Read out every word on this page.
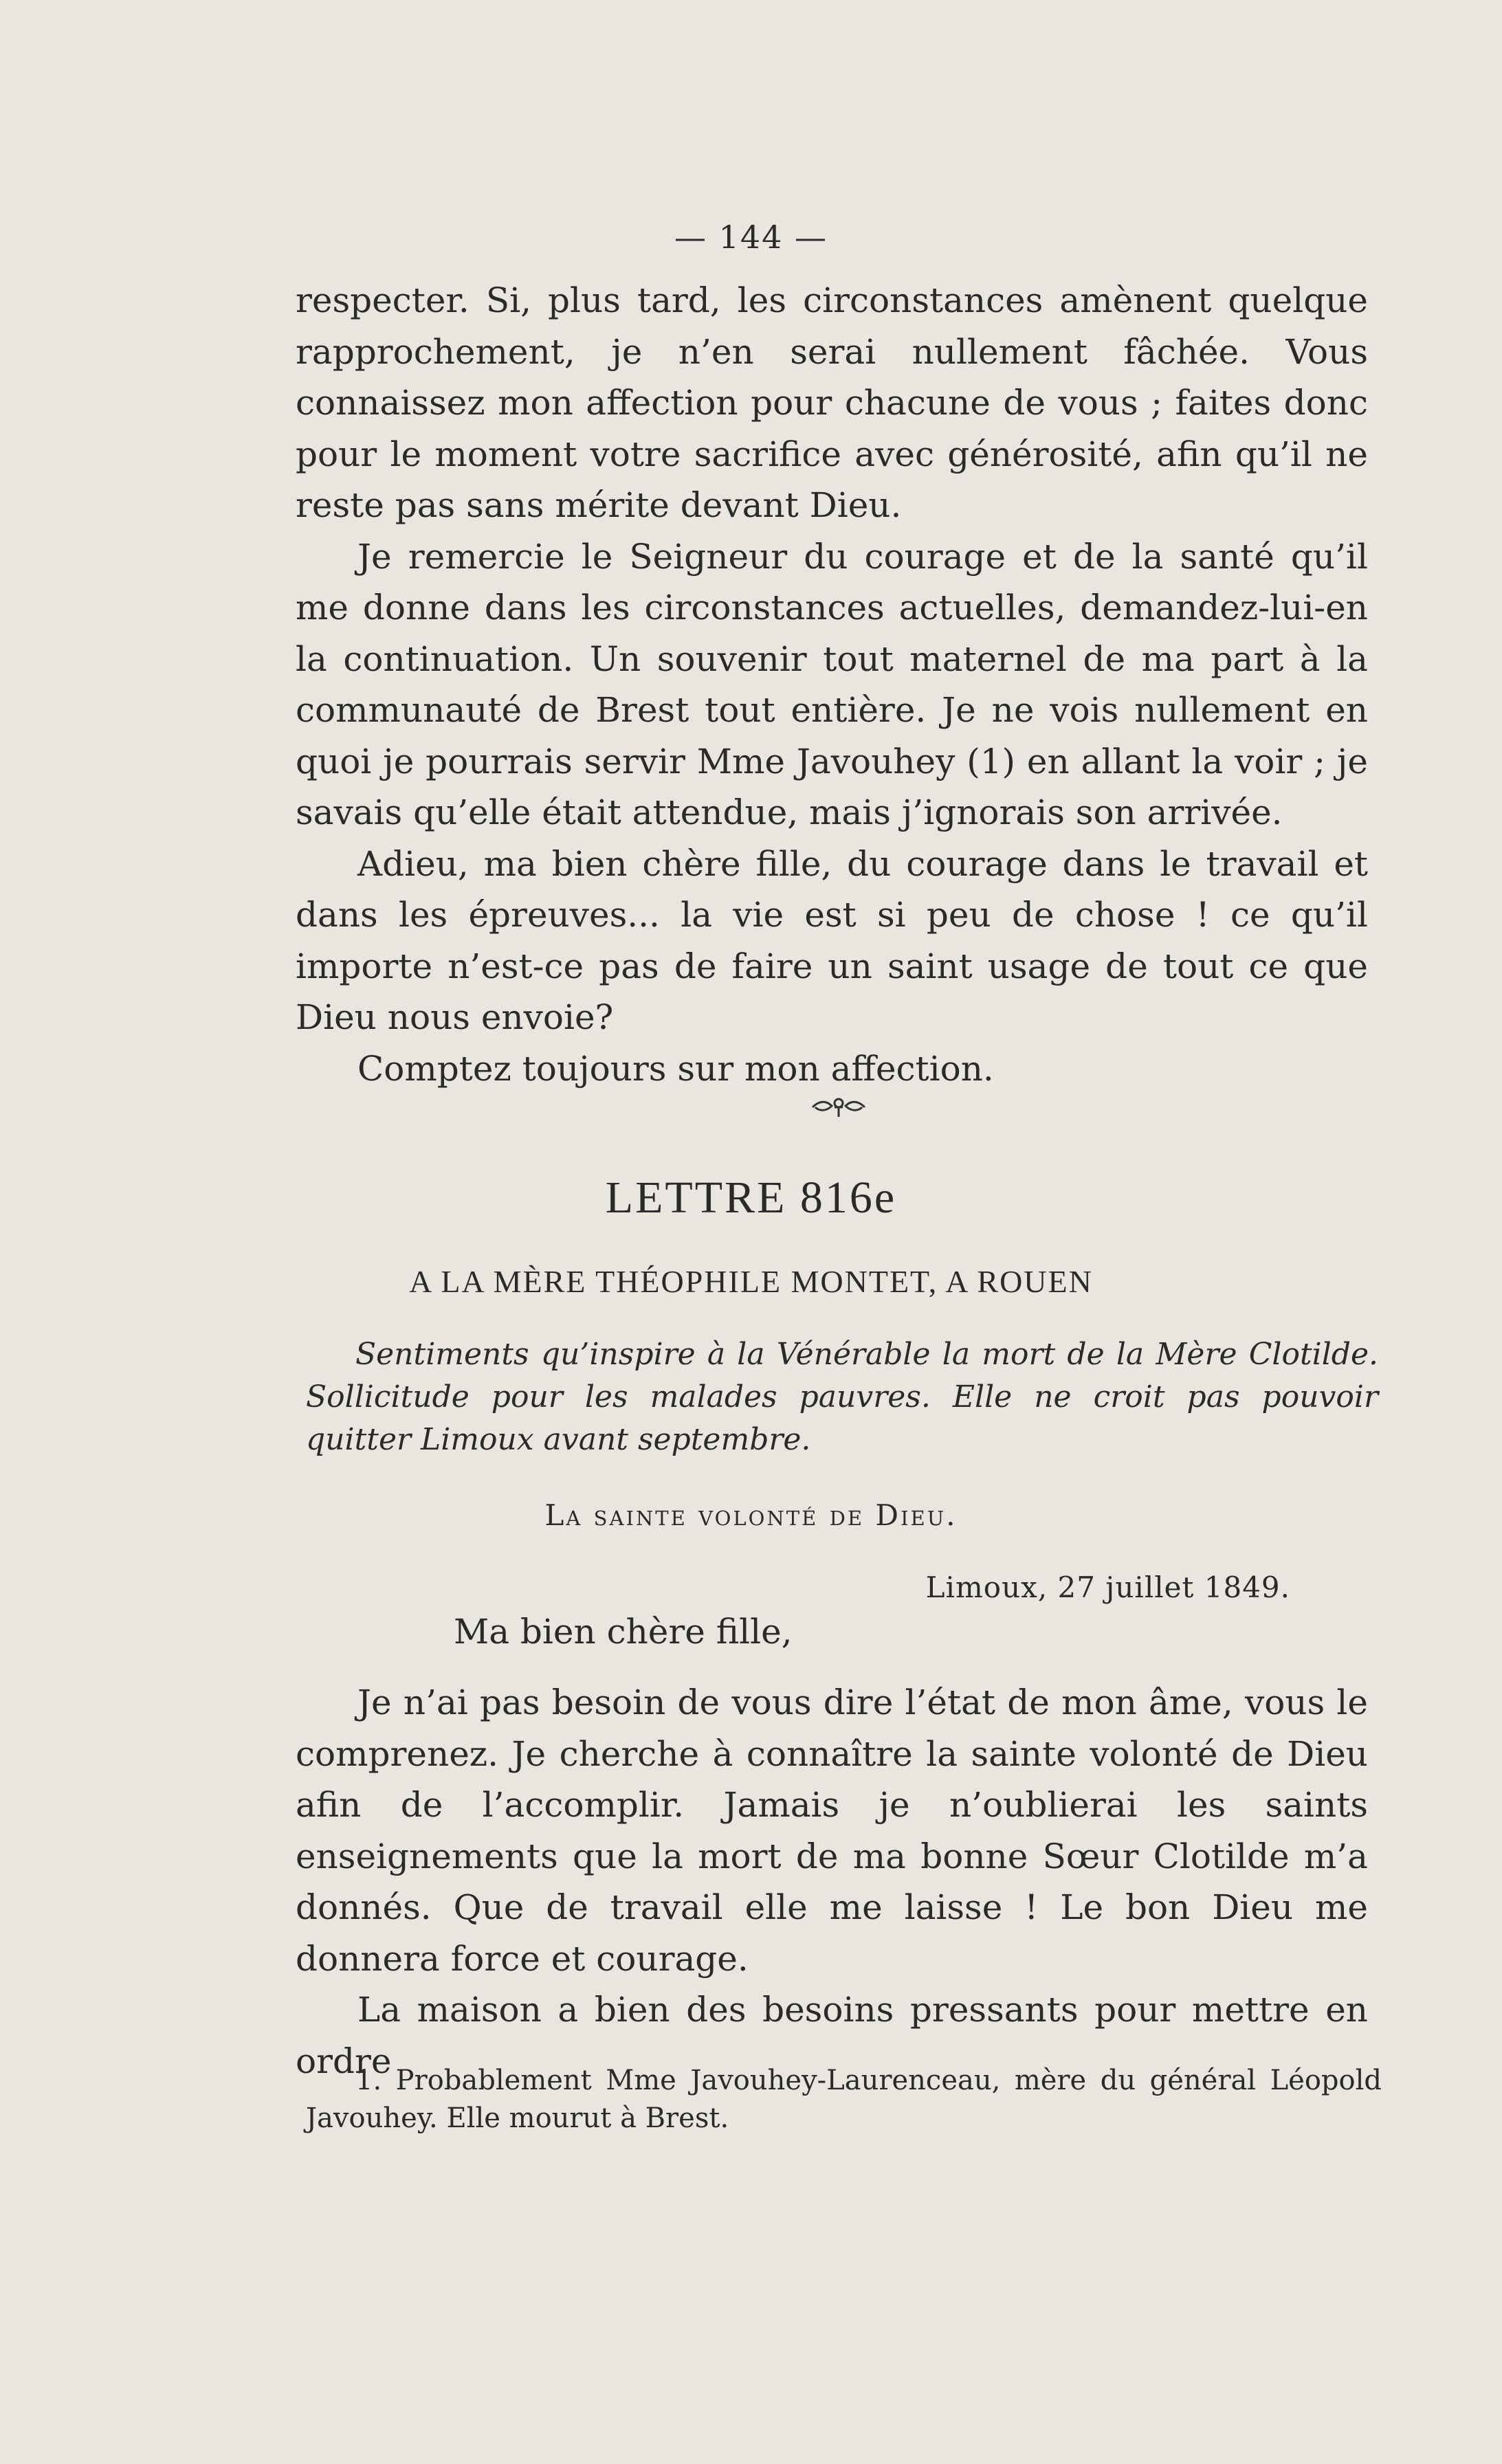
— 144 —

respecter. Si, plus tard, les circonstances amènent quelque rapprochement, je n’en serai nullement fâchée. Vous connaissez mon affection pour chacune de vous ; faites donc pour le moment votre sacrifice avec générosité, afin qu’il ne reste pas sans mérite devant Dieu.

Je remercie le Seigneur du courage et de la santé qu’il me donne dans les circonstances actuelles, demandez-lui-en la continuation. Un souvenir tout maternel de ma part à la communauté de Brest tout entière. Je ne vois nullement en quoi je pourrais servir Mme Javouhey (1) en allant la voir ; je savais qu’elle était attendue, mais j’ignorais son arrivée.

Adieu, ma bien chère fille, du courage dans le travail et dans les épreuves... la vie est si peu de chose ! ce qu’il importe n’est-ce pas de faire un saint usage de tout ce que Dieu nous envoie?

Comptez toujours sur mon affection.

LETTRE 816e
A LA MÈRE THÉOPHILE MONTET, A ROUEN
Sentiments qu’inspire à la Vénérable la mort de la Mère Clotilde. Sollicitude pour les malades pauvres. Elle ne croit pas pouvoir quitter Limoux avant septembre.
La sainte volonté de Dieu.
Limoux, 27 juillet 1849.
Ma bien chère fille,

Je n’ai pas besoin de vous dire l’état de mon âme, vous le comprenez. Je cherche à connaître la sainte volonté de Dieu afin de l’accomplir. Jamais je n’oublierai les saints enseignements que la mort de ma bonne Sœur Clotilde m’a donnés. Que de travail elle me laisse ! Le bon Dieu me donnera force et courage.

La maison a bien des besoins pressants pour mettre en ordre

1. Probablement Mme Javouhey-Laurenceau, mère du général Léopold Javouhey. Elle mourut à Brest.
